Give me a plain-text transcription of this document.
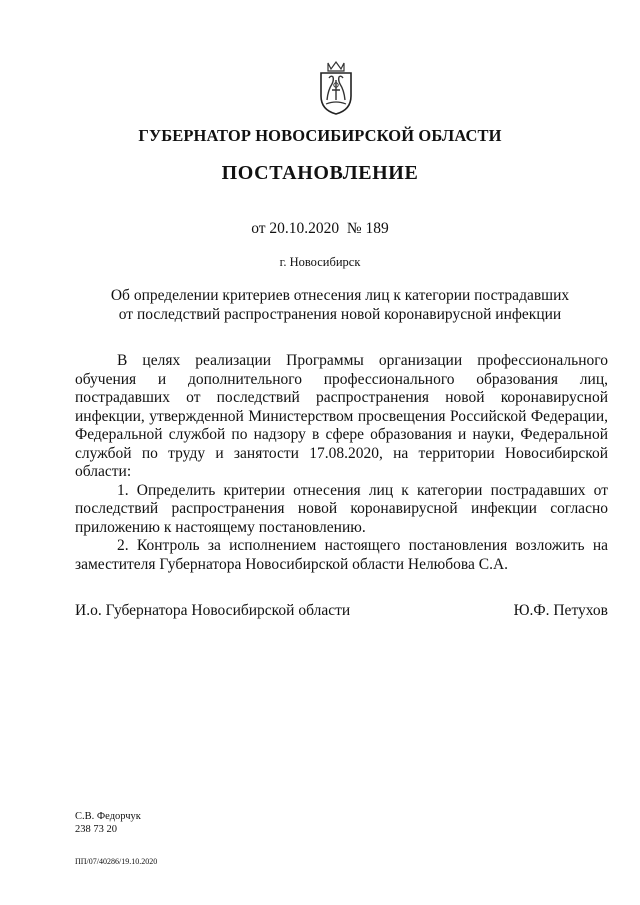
ГУБЕРНАТОР НОВОСИБИРСКОЙ ОБЛАСТИ
ПОСТАНОВЛЕНИЕ
от 20.10.2020  № 189
г. Новосибирск
Об определении критериев отнесения лиц к категории пострадавших
от последствий распространения новой коронавирусной инфекции

В целях реализации Программы организации профессионального обучения и дополнительного профессионального образования лиц, пострадавших от последствий распространения новой коронавирусной инфекции, утвержденной Министерством просвещения Российской Федерации, Федеральной службой по надзору в сфере образования и науки, Федеральной службой по труду и занятости 17.08.2020, на территории Новосибирской области:

1. Определить критерии отнесения лиц к категории пострадавших от последствий распространения новой коронавирусной инфекции согласно приложению к настоящему постановлению.

2. Контроль за исполнением настоящего постановления возложить на заместителя Губернатора Новосибирской области Нелюбова С.А.

И.о. Губернатора Новосибирской области	Ю.Ф. Петухов
С.В. Федорчук
238 73 20
ПП/07/40286/19.10.2020
